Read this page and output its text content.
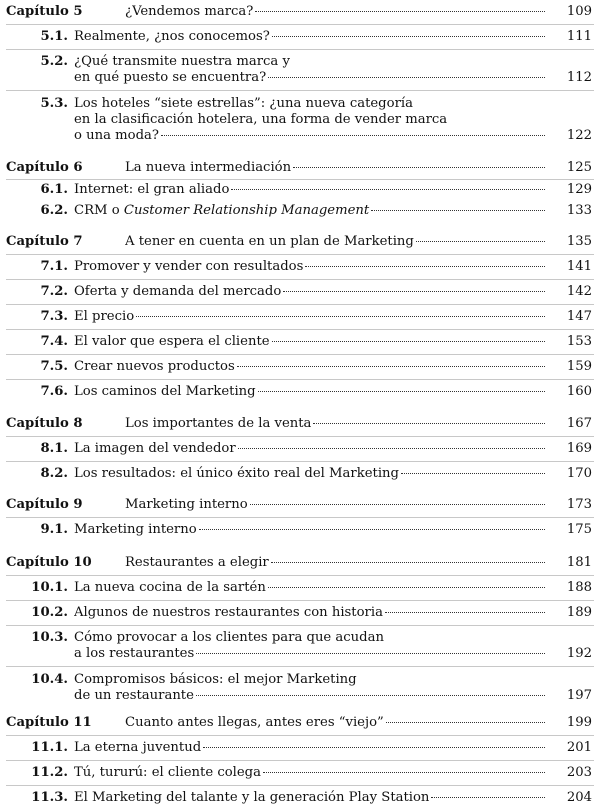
Capítulo 5	¿Vendemos marca?	109
5.1. Realmente, ¿nos conocemos?	111
5.2. ¿Qué transmite nuestra marca y
en qué puesto se encuentra?	112
5.3. Los hoteles “siete estrellas”: ¿una nueva categoría
en la clasificación hotelera, una forma de vender marca
o una moda?	122
Capítulo 6	La nueva intermediación	125
6.1. Internet: el gran aliado	129
6.2. CRM o Customer Relationship Management	133
Capítulo 7	A tener en cuenta en un plan de Marketing	135
7.1. Promover y vender con resultados	141
7.2. Oferta y demanda del mercado	142
7.3. El precio	147
7.4. El valor que espera el cliente	153
7.5. Crear nuevos productos	159
7.6. Los caminos del Marketing	160
Capítulo 8	Los importantes de la venta	167
8.1. La imagen del vendedor	169
8.2. Los resultados: el único éxito real del Marketing	170
Capítulo 9	Marketing interno	173
9.1. Marketing interno	175
Capítulo 10	Restaurantes a elegir	181
10.1. La nueva cocina de la sartén	188
10.2. Algunos de nuestros restaurantes con historia	189
10.3. Cómo provocar a los clientes para que acudan
a los restaurantes	192
10.4. Compromisos básicos: el mejor Marketing
de un restaurante	197
Capítulo 11	Cuanto antes llegas, antes eres “viejo”	199
11.1. La eterna juventud	201
11.2. Tú, tururú: el cliente colega	203
11.3. El Marketing del talante y la generación Play Station	204
